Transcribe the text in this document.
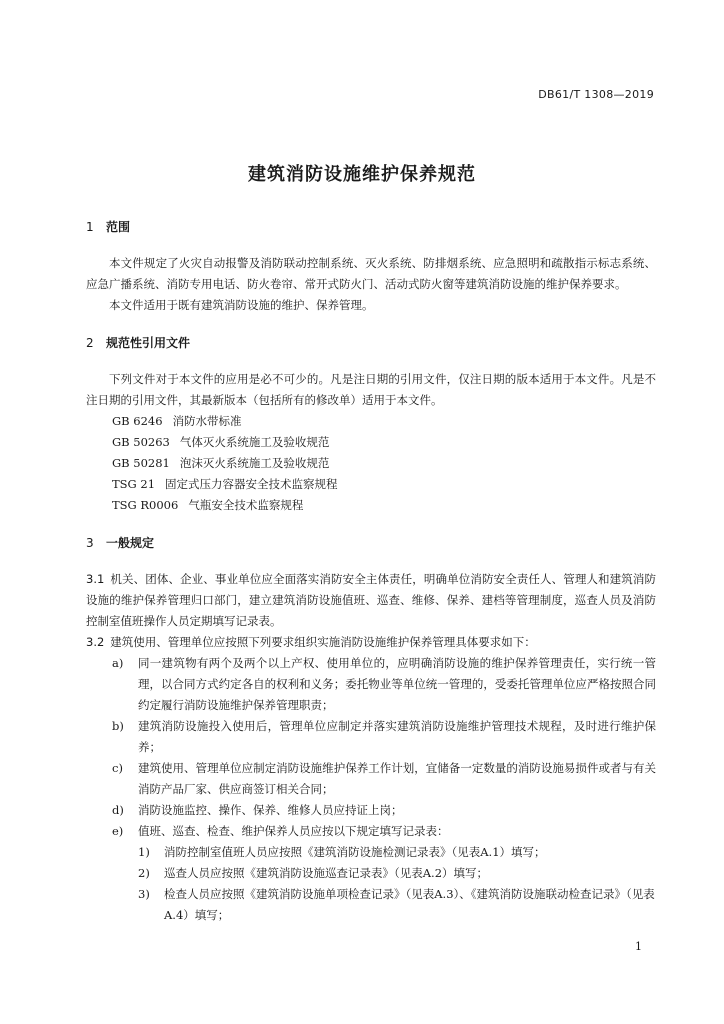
DB61/T 1308—2019
建筑消防设施维护保养规范

1 范围

本文件规定了火灾自动报警及消防联动控制系统、灭火系统、防排烟系统、应急照明和疏散指示标志系统、应急广播系统、消防专用电话、防火卷帘、常开式防火门、活动式防火窗等建筑消防设施的维护保养要求。

本文件适用于既有建筑消防设施的维护、保养管理。

2 规范性引用文件

下列文件对于本文件的应用是必不可少的。凡是注日期的引用文件，仅注日期的版本适用于本文件。凡是不注日期的引用文件，其最新版本（包括所有的修改单）适用于本文件。

GB 6246 消防水带标准

GB 50263 气体灭火系统施工及验收规范

GB 50281 泡沫灭火系统施工及验收规范

TSG 21 固定式压力容器安全技术监察规程

TSG R0006 气瓶安全技术监察规程

3 一般规定

3.1 机关、团体、企业、事业单位应全面落实消防安全主体责任，明确单位消防安全责任人、管理人和建筑消防设施的维护保养管理归口部门，建立建筑消防设施值班、巡查、维修、保养、建档等管理制度，巡查人员及消防控制室值班操作人员定期填写记录表。

3.2 建筑使用、管理单位应按照下列要求组织实施消防设施维护保养管理具体要求如下：

a)	同一建筑物有两个及两个以上产权、使用单位的，应明确消防设施的维护保养管理责任，实行统一管理，以合同方式约定各自的权利和义务；委托物业等单位统一管理的，受委托管理单位应严格按照合同约定履行消防设施维护保养管理职责；
b)	建筑消防设施投入使用后，管理单位应制定并落实建筑消防设施维护管理技术规程，及时进行维护保养；
c)	建筑使用、管理单位应制定消防设施维护保养工作计划，宜储备一定数量的消防设施易损件或者与有关消防产品厂家、供应商签订相关合同；
d)	消防设施监控、操作、保养、维修人员应持证上岗；
e)	值班、巡查、检查、维护保养人员应按以下规定填写记录表：
1)	消防控制室值班人员应按照《建筑消防设施检测记录表》（见表A.1）填写；
2)	巡查人员应按照《建筑消防设施巡查记录表》（见表A.2）填写；
3)	检查人员应按照《建筑消防设施单项检查记录》（见表A.3）、《建筑消防设施联动检查记录》（见表A.4）填写；
1
